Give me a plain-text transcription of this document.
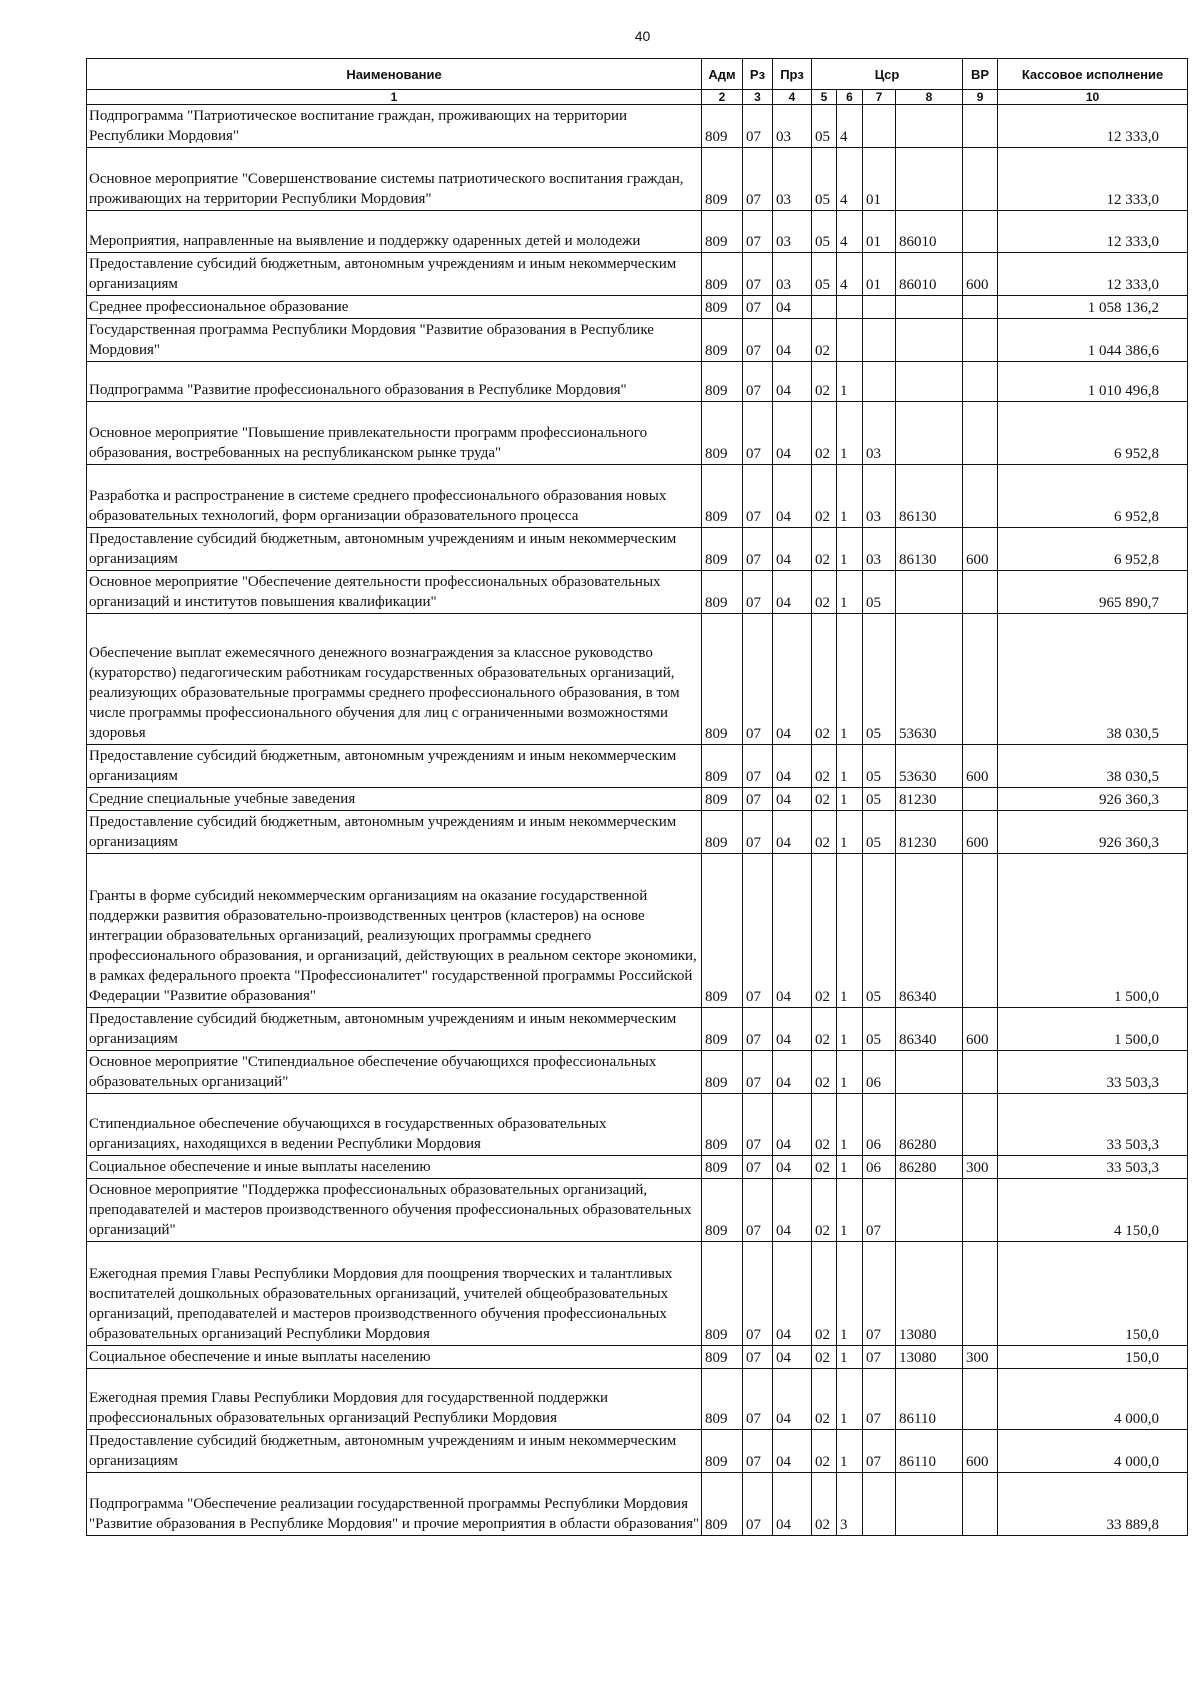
40
Наименование	Адм	Рз	Прз	Цср				ВР	Кассовое исполнение
1	2	3	4	5	6	7	8	9	10
Подпрограмма "Патриотическое воспитание граждан, проживающих на территории Республики Мордовия"	809	07	03	05	4				12 333,0
Основное мероприятие "Совершенствование системы патриотического воспитания граждан, проживающих на территории Республики Мордовия"	809	07	03	05	4	01			12 333,0
Мероприятия, направленные на выявление и поддержку одаренных детей и молодежи	809	07	03	05	4	01	86010		12 333,0
Предоставление субсидий бюджетным, автономным учреждениям и иным некоммерческим организациям	809	07	03	05	4	01	86010	600	12 333,0
Среднее профессиональное образование	809	07	04						1 058 136,2
Государственная программа Республики Мордовия "Развитие образования в Республике Мордовия"	809	07	04	02					1 044 386,6
Подпрограмма "Развитие профессионального образования в Республике Мордовия"	809	07	04	02	1				1 010 496,8
Основное мероприятие "Повышение привлекательности программ профессионального образования, востребованных на республиканском рынке труда"	809	07	04	02	1	03			6 952,8
Разработка и распространение в системе среднего профессионального образования новых образовательных технологий, форм организации образовательного процесса	809	07	04	02	1	03	86130		6 952,8
Предоставление субсидий бюджетным, автономным учреждениям и иным некоммерческим организациям	809	07	04	02	1	03	86130	600	6 952,8
Основное мероприятие "Обеспечение деятельности профессиональных образовательных организаций и институтов повышения квалификации"	809	07	04	02	1	05			965 890,7
Обеспечение выплат ежемесячного денежного вознаграждения за классное руководство (кураторство) педагогическим работникам государственных образовательных организаций, реализующих образовательные программы среднего профессионального образования, в том числе программы профессионального обучения для лиц с ограниченными возможностями здоровья	809	07	04	02	1	05	53630		38 030,5
Предоставление субсидий бюджетным, автономным учреждениям и иным некоммерческим организациям	809	07	04	02	1	05	53630	600	38 030,5
Средние специальные учебные заведения	809	07	04	02	1	05	81230		926 360,3
Предоставление субсидий бюджетным, автономным учреждениям и иным некоммерческим организациям	809	07	04	02	1	05	81230	600	926 360,3
Гранты в форме субсидий некоммерческим организациям на оказание государственной поддержки развития образовательно-производственных центров (кластеров) на основе интеграции образовательных организаций, реализующих программы среднего профессионального образования, и организаций, действующих в реальном секторе экономики, в рамках федерального проекта "Профессионалитет" государственной программы Российской Федерации "Развитие образования"	809	07	04	02	1	05	86340		1 500,0
Предоставление субсидий бюджетным, автономным учреждениям и иным некоммерческим организациям	809	07	04	02	1	05	86340	600	1 500,0
Основное мероприятие "Стипендиальное обеспечение обучающихся профессиональных образовательных организаций"	809	07	04	02	1	06			33 503,3
Стипендиальное обеспечение обучающихся в государственных образовательных организациях, находящихся в ведении Республики Мордовия	809	07	04	02	1	06	86280		33 503,3
Социальное обеспечение и иные выплаты населению	809	07	04	02	1	06	86280	300	33 503,3
Основное мероприятие "Поддержка профессиональных образовательных организаций, преподавателей и мастеров производственного обучения профессиональных образовательных организаций"	809	07	04	02	1	07			4 150,0
Ежегодная премия Главы Республики Мордовия для поощрения творческих и талантливых воспитателей дошкольных образовательных организаций, учителей общеобразовательных организаций, преподавателей и мастеров производственного обучения профессиональных образовательных организаций Республики Мордовия	809	07	04	02	1	07	13080		150,0
Социальное обеспечение и иные выплаты населению	809	07	04	02	1	07	13080	300	150,0
Ежегодная премия Главы Республики Мордовия для государственной поддержки профессиональных образовательных организаций Республики Мордовия	809	07	04	02	1	07	86110		4 000,0
Предоставление субсидий бюджетным, автономным учреждениям и иным некоммерческим организациям	809	07	04	02	1	07	86110	600	4 000,0
Подпрограмма "Обеспечение реализации государственной программы Республики Мордовия "Развитие образования в Республике Мордовия" и прочие мероприятия в области образования"	809	07	04	02	3				33 889,8
